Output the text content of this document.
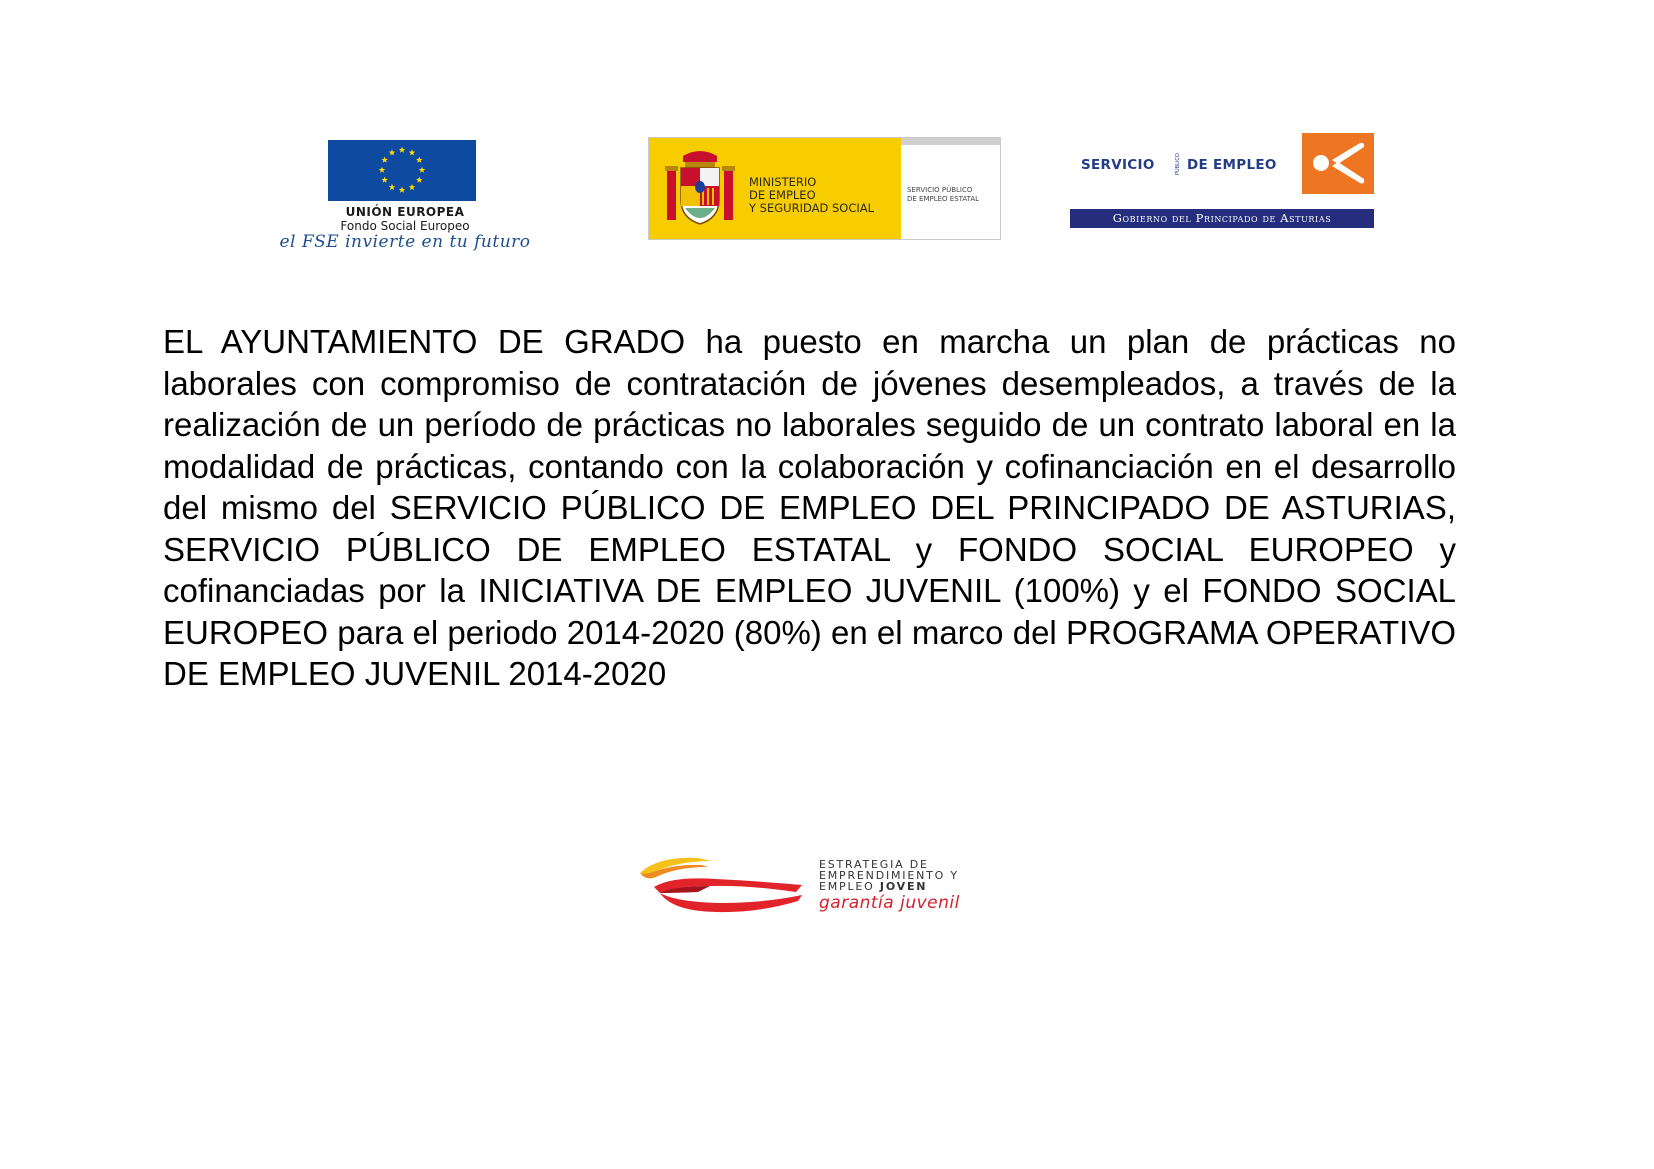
UNIÓN EUROPEA
Fondo Social Europeo
el FSE invierte en tu futuro
MINISTERIO
DE EMPLEO
Y SEGURIDAD SOCIAL
SERVICIO PÚBLICO
DE EMPLEO ESTATAL
SERVICIO	PÚBLICO DE EMPLEO
Gobierno del Principado de Asturias

EL AYUNTAMIENTO DE GRADO ha puesto en marcha un plan de prácticas no laborales con compromiso de contratación de jóvenes desempleados, a través de la realización de un período de prácticas no laborales seguido de un contrato laboral en la modalidad de prácticas, contando con la colaboración y cofinanciación en el desarrollo del mismo del SERVICIO PÚBLICO DE EMPLEO DEL PRINCIPADO DE ASTURIAS, SERVICIO PÚBLICO DE EMPLEO ESTATAL y FONDO SOCIAL EUROPEO y cofinanciadas por la INICIATIVA DE EMPLEO JUVENIL (100%) y el FONDO SOCIAL EUROPEO para el periodo 2014-2020 (80%) en el marco del PROGRAMA OPERATIVO DE EMPLEO JUVENIL 2014-2020

ESTRATEGIA DE
EMPRENDIMIENTO Y
EMPLEO JOVEN
garantía juvenil
